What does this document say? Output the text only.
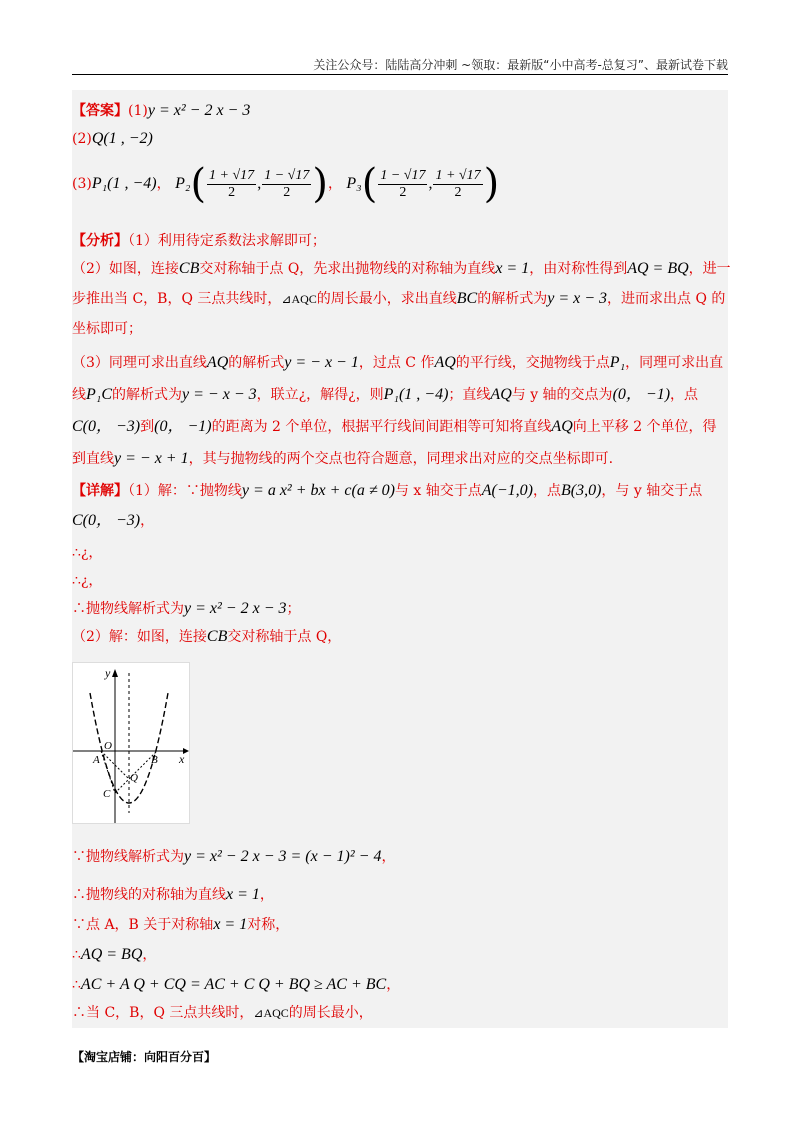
关注公众号：陆陆高分冲刺 ~领取：最新版“小中高考-总复习”、最新试卷下载
【答案】(1)y = x² − 2 x − 3
(2)Q(1 , −2)
(3)P₁(1 , −4)， $P_2( \frac{1 + √17}{2}$ , $\frac{1 - √17}{2}$ )， $P_3( \frac{1 - √17}{2}$ , $\frac{1 + √17}{2}$ )
【分析】（1）利用待定系数法求解即可；
（2）如图，连接CB交对称轴于点 Q，先求出抛物线的对称轴为直线x = 1，由对称性得到AQ = BQ，进一
步推出当 C，B，Q 三点共线时，⊿AQC的周长最小，求出直线BC的解析式为y = x − 3，进而求出点 Q 的
坐标即可；
（3）同理可求出直线AQ的解析式y = − x − 1，过点 C 作AQ的平行线，交抛物线于点P₁，同理可求出直
线P₁C的解析式为y = − x − 3，联立¿，解得¿，则P₁(1 , −4)；直线AQ与 y 轴的交点为(0， −1)，点
C(0， −3)到(0， −1)的距离为 2 个单位，根据平行线间间距相等可知将直线AQ向上平移 2 个单位，得
到直线y = − x + 1，其与抛物线的两个交点也符合题意，同理求出对应的交点坐标即可.
【详解】（1）解：∵抛物线y = a x² + bx + c(a ≠ 0)与 x 轴交于点A(−1,0)，点B(3,0)，与 y 轴交于点
C(0， −3)，
∴¿，
∴¿，
∴抛物线解析式为y = x² − 2 x − 3；
（2）解：如图，连接CB交对称轴于点 Q，
y
x
O
A	B
Q
C
∵抛物线解析式为y = x² − 2 x − 3 = (x − 1)² − 4，
∴抛物线的对称轴为直线x = 1，
∵点 A，B 关于对称轴x = 1对称，
∴AQ = BQ，
∴AC + A Q + CQ = AC + C Q + BQ ≥ AC + BC，
∴当 C，B，Q 三点共线时，⊿AQC的周长最小，
【淘宝店铺：向阳百分百】
